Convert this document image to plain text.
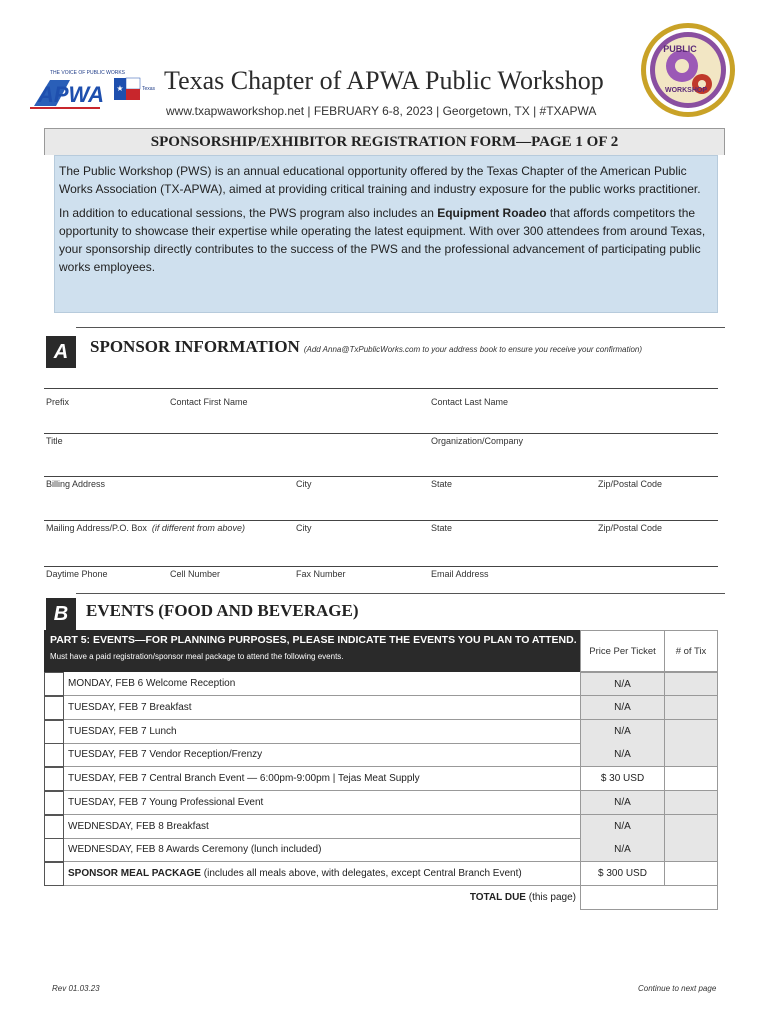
THE VOICE OF PUBLIC WORKS
APWA ★	Texas Texas Chapter of APWA Public Workshop
www.txapwaworkshop.net | FEBRUARY 6-8, 2023 | Georgetown, TX | #TXAPWA
PUBLIC
WORKSHOP
SPONSORSHIP/EXHIBITOR REGISTRATION FORM—PAGE 1 OF 2

The Public Workshop (PWS) is an annual educational opportunity offered by the Texas Chapter of the American Public Works Association (TX-APWA), aimed at providing critical training and industry exposure for the public works practitioner.

In addition to educational sessions, the PWS program also includes an Equipment Roadeo that affords competitors the opportunity to showcase their expertise while operating the latest equipment. With over 300 attendees from around Texas, your sponsorship directly contributes to the success of the PWS and the professional advancement of participating public works employees.

A	SPONSOR INFORMATION (Add Anna@TxPublicWorks.com to your address book to ensure you receive your confirmation)
Prefix	Contact First Name	Contact Last Name
Title	Organization/Company
Billing Address	City	State	Zip/Postal Code
Mailing Address/P.O. Box (if different from above)	City	State	Zip/Postal Code
Daytime Phone	Cell Number	Fax Number	Email Address
B	EVENTS (FOOD AND BEVERAGE)
PART 5: EVENTS—FOR PLANNING PURPOSES, PLEASE INDICATE THE EVENTS YOU PLAN TO ATTEND.
Must have a paid registration/sponsor meal package to attend the following events.	Price Per Ticket	# of Tix
MONDAY, FEB 6 Welcome Reception	N/A
TUESDAY, FEB 7 Breakfast	N/A
TUESDAY, FEB 7 Lunch	N/A
TUESDAY, FEB 7 Vendor Reception/Frenzy	N/A
TUESDAY, FEB 7 Central Branch Event — 6:00pm-9:00pm | Tejas Meat Supply	$ 30 USD
TUESDAY, FEB 7 Young Professional Event	N/A
WEDNESDAY, FEB 8 Breakfast	N/A
WEDNESDAY, FEB 8 Awards Ceremony (lunch included)	N/A
SPONSOR MEAL PACKAGE (includes all meals above, with delegates, except Central Branch Event)	$ 300 USD
TOTAL DUE (this page)
Rev 01.03.23	Continue to next page
